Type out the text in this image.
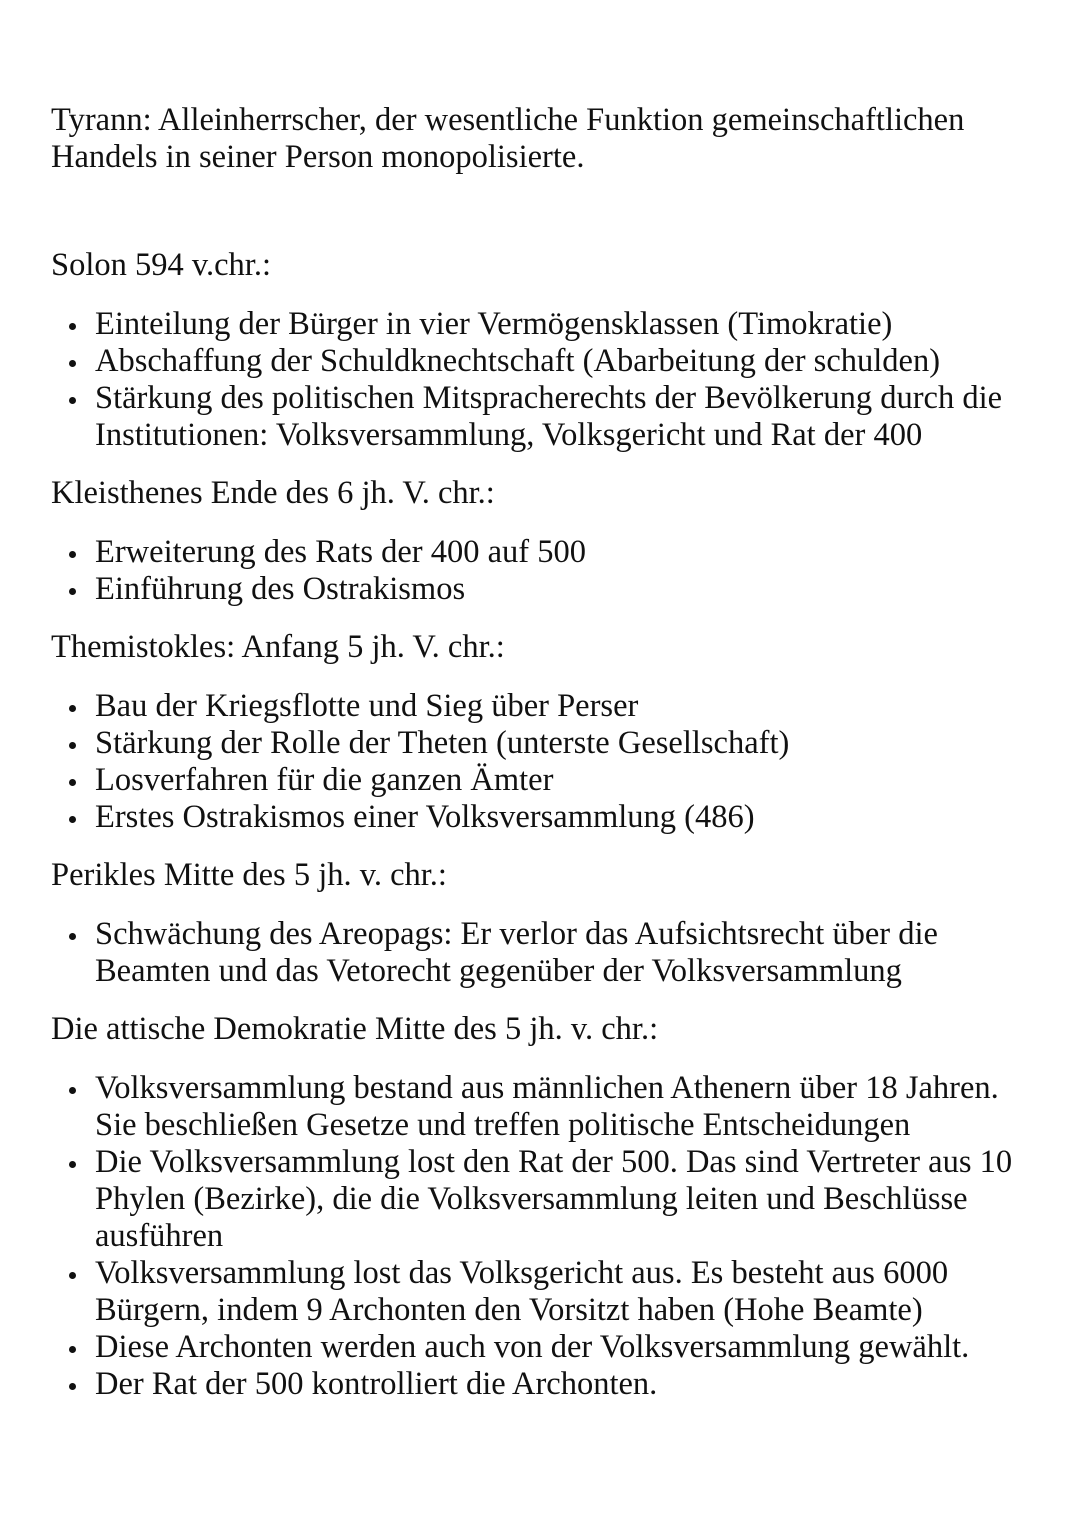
Tyrann: Alleinherrscher, der wesentliche Funktion gemeinschaftlichen Handels in seiner Person monopolisierte.

Solon 594 v.chr.:

Einteilung der Bürger in vier Vermögensklassen (Timokratie)
Abschaffung der Schuldknechtschaft (Abarbeitung der schulden)
Stärkung des politischen Mitspracherechts der Bevölkerung durch die Institutionen: Volksversammlung, Volksgericht und Rat der 400

Kleisthenes Ende des 6 jh. V. chr.:

Erweiterung des Rats der 400 auf 500
Einführung des Ostrakismos

Themistokles: Anfang 5 jh. V. chr.:

Bau der Kriegsflotte und Sieg über Perser
Stärkung der Rolle der Theten (unterste Gesellschaft)
Losverfahren für die ganzen Ämter
Erstes Ostrakismos einer Volksversammlung (486)

Perikles Mitte des 5 jh. v. chr.:

Schwächung des Areopags: Er verlor das Aufsichtsrecht über die Beamten und das Vetorecht gegenüber der Volksversammlung

Die attische Demokratie Mitte des 5 jh. v. chr.:

Volksversammlung bestand aus männlichen Athenern über 18 Jahren. Sie beschließen Gesetze und treffen politische Entscheidungen
Die Volksversammlung lost den Rat der 500. Das sind Vertreter aus 10 Phylen (Bezirke), die die Volksversammlung leiten und Beschlüsse ausführen
Volksversammlung lost das Volksgericht aus. Es besteht aus 6000 Bürgern, indem 9 Archonten den Vorsitzt haben (Hohe Beamte)
Diese Archonten werden auch von der Volksversammlung gewählt.
Der Rat der 500 kontrolliert die Archonten.
